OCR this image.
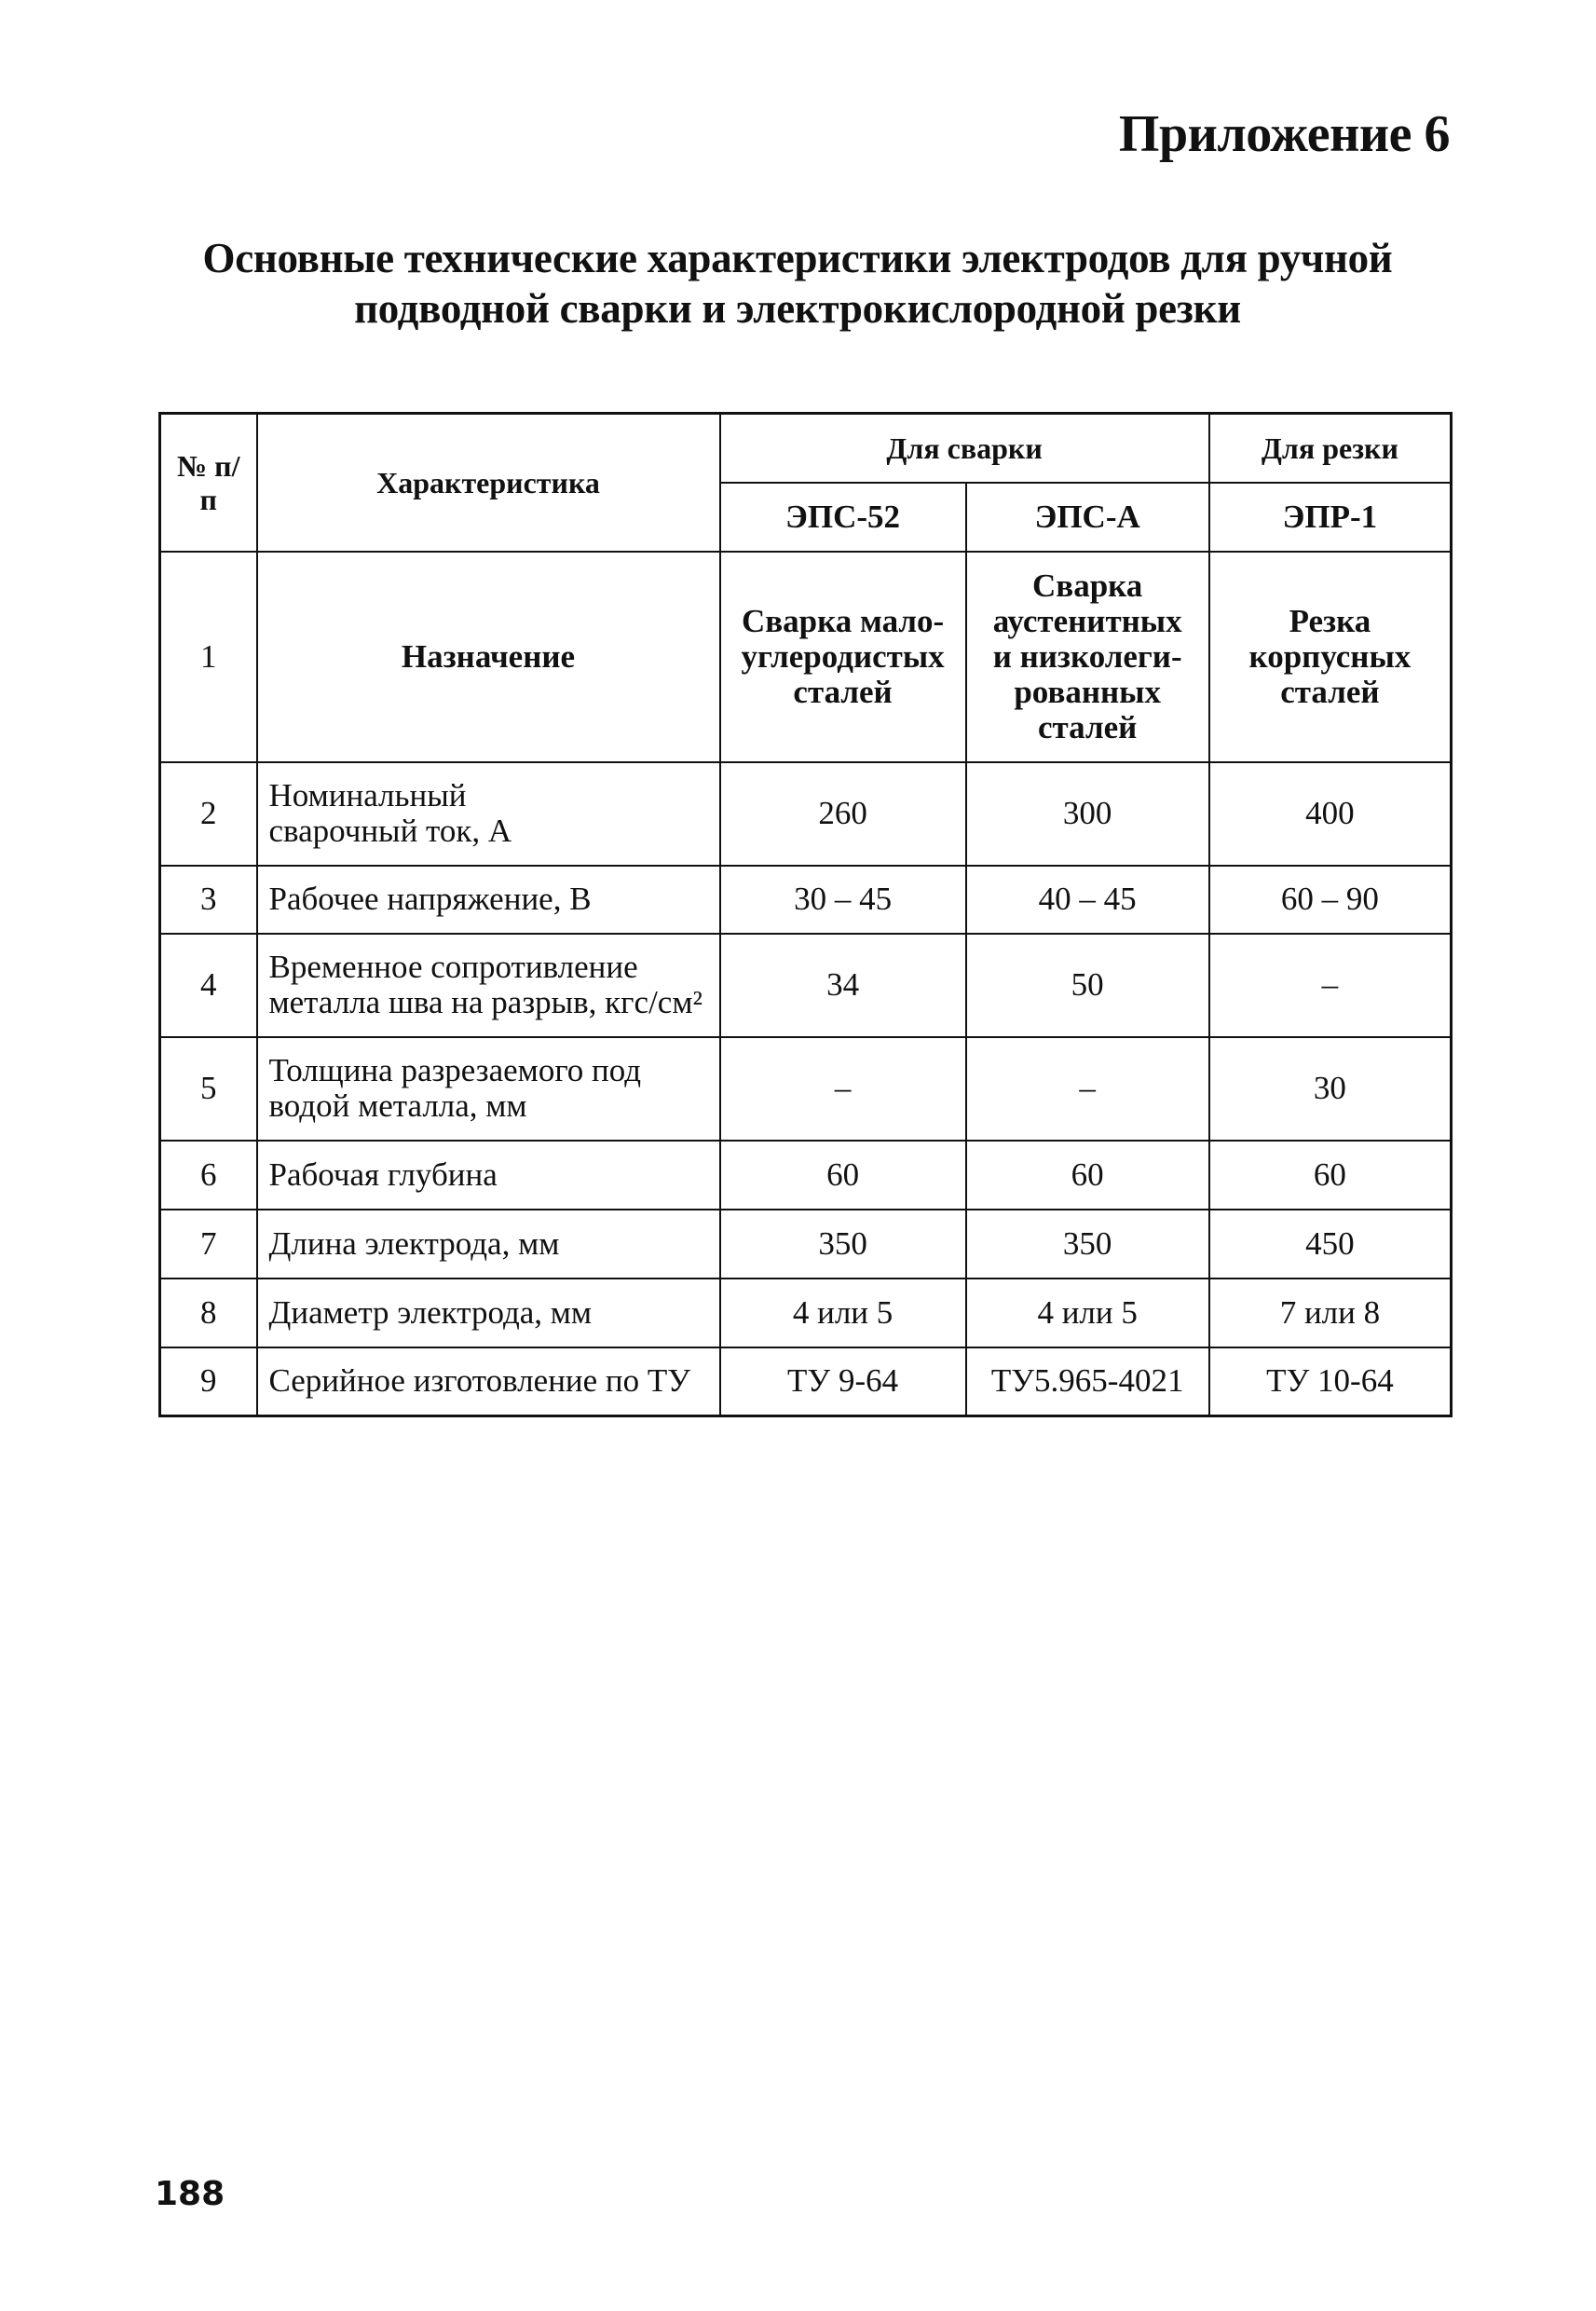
Приложение 6
Основные технические характеристики электродов для ручной
подводной сварки и электрокислородной резки
№ п/п	Характеристика	Для сварки		Для резки
		ЭПС-52	ЭПС-А	ЭПР-1
1	Назначение	Сварка мало-углеродистых сталей	Сварка аустенитных и низколеги-рованных сталей	Резка корпусных сталей
2	Номинальный сварочный ток, А	260	300	400
3	Рабочее напряжение, В	30 – 45	40 – 45	60 – 90
4	Временное сопротивление металла шва на разрыв, кгс/см²	34	50	–
5	Толщина разрезаемого под водой металла, мм	–	–	30
6	Рабочая глубина	60	60	60
7	Длина электрода, мм	350	350	450
8	Диаметр электрода, мм	4 или 5	4 или 5	7 или 8
9	Серийное изготовление по ТУ	ТУ 9-64	ТУ5.965-4021	ТУ 10-64

188
